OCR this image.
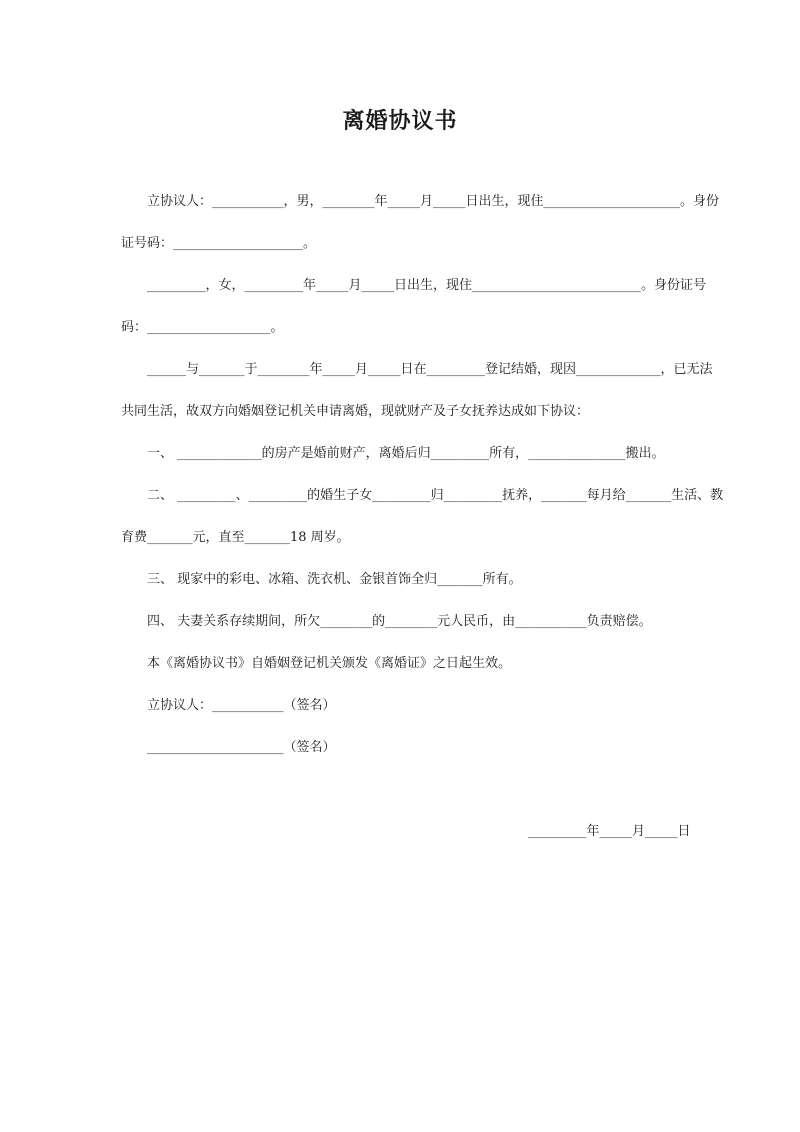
离婚协议书

立协议人：___________，男，________年_____月_____日出生，现住_____________________。身份

证号码：____________________。

_________，女，_________年_____月_____日出生，现住__________________________。身份证号

码：___________________。

______与_______于________年_____月_____日在_________登记结婚，现因_____________，已无法

共同生活，故双方向婚姻登记机关申请离婚，现就财产及子女抚养达成如下协议：

一、 _____________的房产是婚前财产，离婚后归_________所有，_______________搬出。

二、 _________、_________的婚生子女_________归_________抚养，_______每月给_______生活、教

育费_______元，直至_______18 周岁。

三、 现家中的彩电、冰箱、洗衣机、金银首饰全归_______所有。

四、 夫妻关系存续期间，所欠________的________元人民币，由___________负责赔偿。

本《离婚协议书》自婚姻登记机关颁发《离婚证》之日起生效。

立协议人：___________（签名）

_____________________（签名）

_________年_____月_____日
